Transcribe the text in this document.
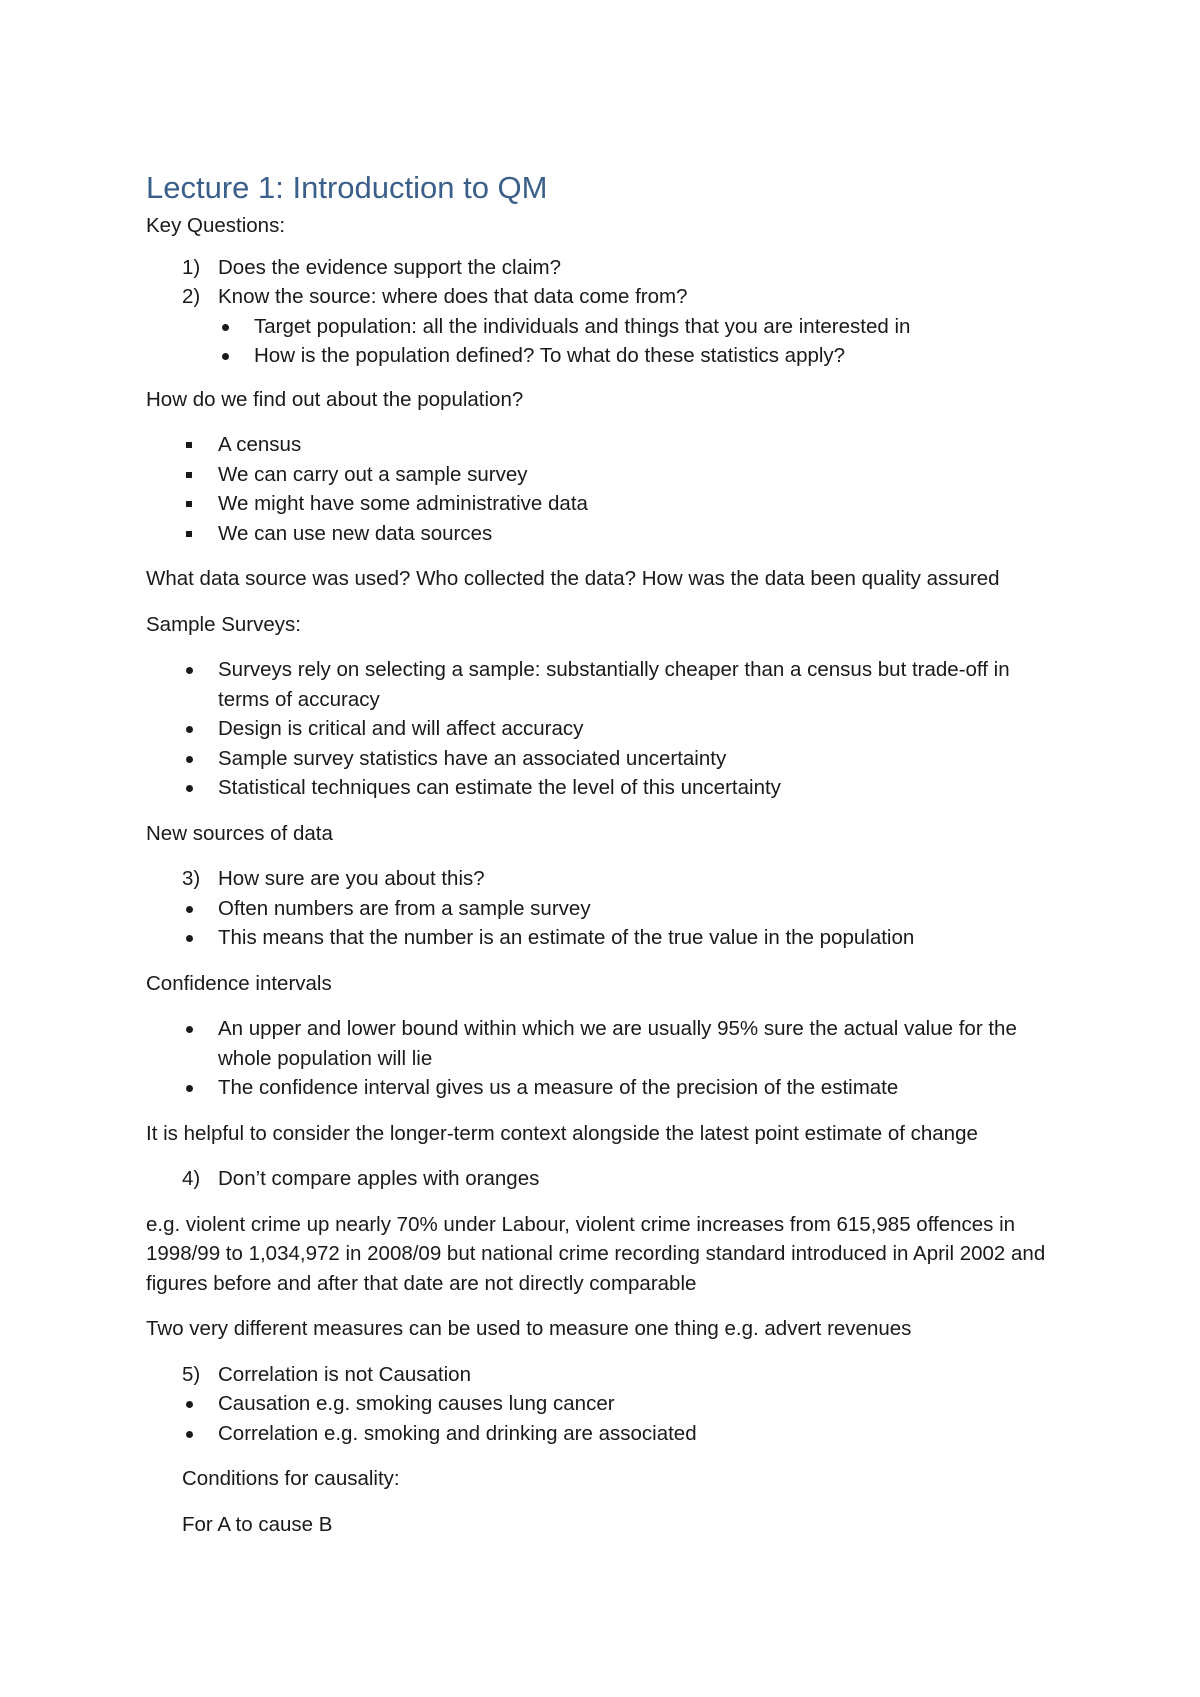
Lecture 1: Introduction to QM

Key Questions:

1) Does the evidence support the claim?
2) Know the source: where does that data come from?
Target population: all the individuals and things that you are interested in
How is the population defined? To what do these statistics apply?

How do we find out about the population?

A census
We can carry out a sample survey
We might have some administrative data
We can use new data sources

What data source was used? Who collected the data? How was the data been quality assured

Sample Surveys:

Surveys rely on selecting a sample: substantially cheaper than a census but trade-off in terms of accuracy
Design is critical and will affect accuracy
Sample survey statistics have an associated uncertainty
Statistical techniques can estimate the level of this uncertainty

New sources of data

3) How sure are you about this?
Often numbers are from a sample survey
This means that the number is an estimate of the true value in the population

Confidence intervals

An upper and lower bound within which we are usually 95% sure the actual value for the whole population will lie
The confidence interval gives us a measure of the precision of the estimate

It is helpful to consider the longer-term context alongside the latest point estimate of change

4) Don’t compare apples with oranges

e.g. violent crime up nearly 70% under Labour, violent crime increases from 615,985 offences in 1998/99 to 1,034,972 in 2008/09 but national crime recording standard introduced in April 2002 and figures before and after that date are not directly comparable

Two very different measures can be used to measure one thing e.g. advert revenues

5) Correlation is not Causation
Causation e.g. smoking causes lung cancer
Correlation e.g. smoking and drinking are associated

Conditions for causality:

For A to cause B
